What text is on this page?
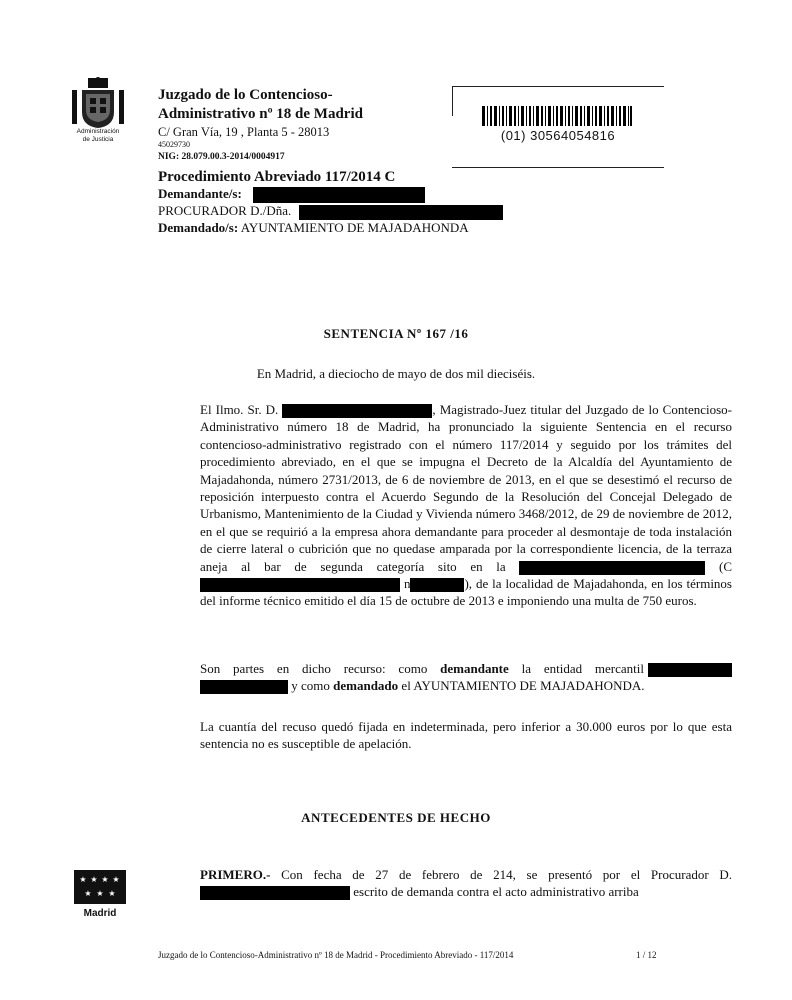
Administración
de Justicia
Juzgado de lo Contencioso-
Administrativo nº 18 de Madrid
C/ Gran Vía, 19 , Planta 5 - 28013
45029730
NIG: 28.079.00.3-2014/0004917
Procedimiento Abreviado 117/2014 C
Demandante/s:
PROCURADOR D./Dña.
Demandado/s: AYUNTAMIENTO DE MAJADAHONDA
(01) 30564054816
SENTENCIA Nº 167 /16
En Madrid, a dieciocho de mayo de dos mil dieciséis.
El Ilmo. Sr. D.	, Magistrado-Juez titular del Juzgado de lo Contencioso-Administrativo número 18 de Madrid, ha pronunciado la siguiente Sentencia en el recurso contencioso-administrativo registrado con el número 117/2014 y seguido por los trámites del procedimiento abreviado, en el que se impugna el Decreto de la Alcaldía del Ayuntamiento de Majadahonda, número 2731/2013, de 6 de noviembre de 2013, en el que se desestimó el recurso de reposición interpuesto contra el Acuerdo Segundo de la Resolución del Concejal Delegado de Urbanismo, Mantenimiento de la Ciudad y Vivienda número 3468/2012, de 29 de noviembre de 2012, en el que se requirió a la empresa ahora demandante para proceder al desmontaje de toda instalación de cierre lateral o cubrición que no quedase amparada por la correspondiente licencia, de la terraza aneja al bar de segunda categoría sito en la	(C n	), de la localidad de Majadahonda, en los términos del informe técnico emitido el día 15 de octubre de 2013 e imponiendo una multa de 750 euros.
Son partes en dicho recurso: como demandante la entidad mercantil  y como demandado el AYUNTAMIENTO DE MAJADAHONDA.
La cuantía del recuso quedó fijada en indeterminada, pero inferior a 30.000 euros por lo que esta sentencia no es susceptible de apelación.
ANTECEDENTES DE HECHO
PRIMERO.- Con fecha de 27 de febrero de 214, se presentó por el Procurador D.  escrito de demanda contra el acto administrativo arriba
★ ★ ★ ★
★ ★ ★
Madrid
Juzgado de lo Contencioso-Administrativo nº 18 de Madrid - Procedimiento Abreviado - 117/2014	1 / 12
